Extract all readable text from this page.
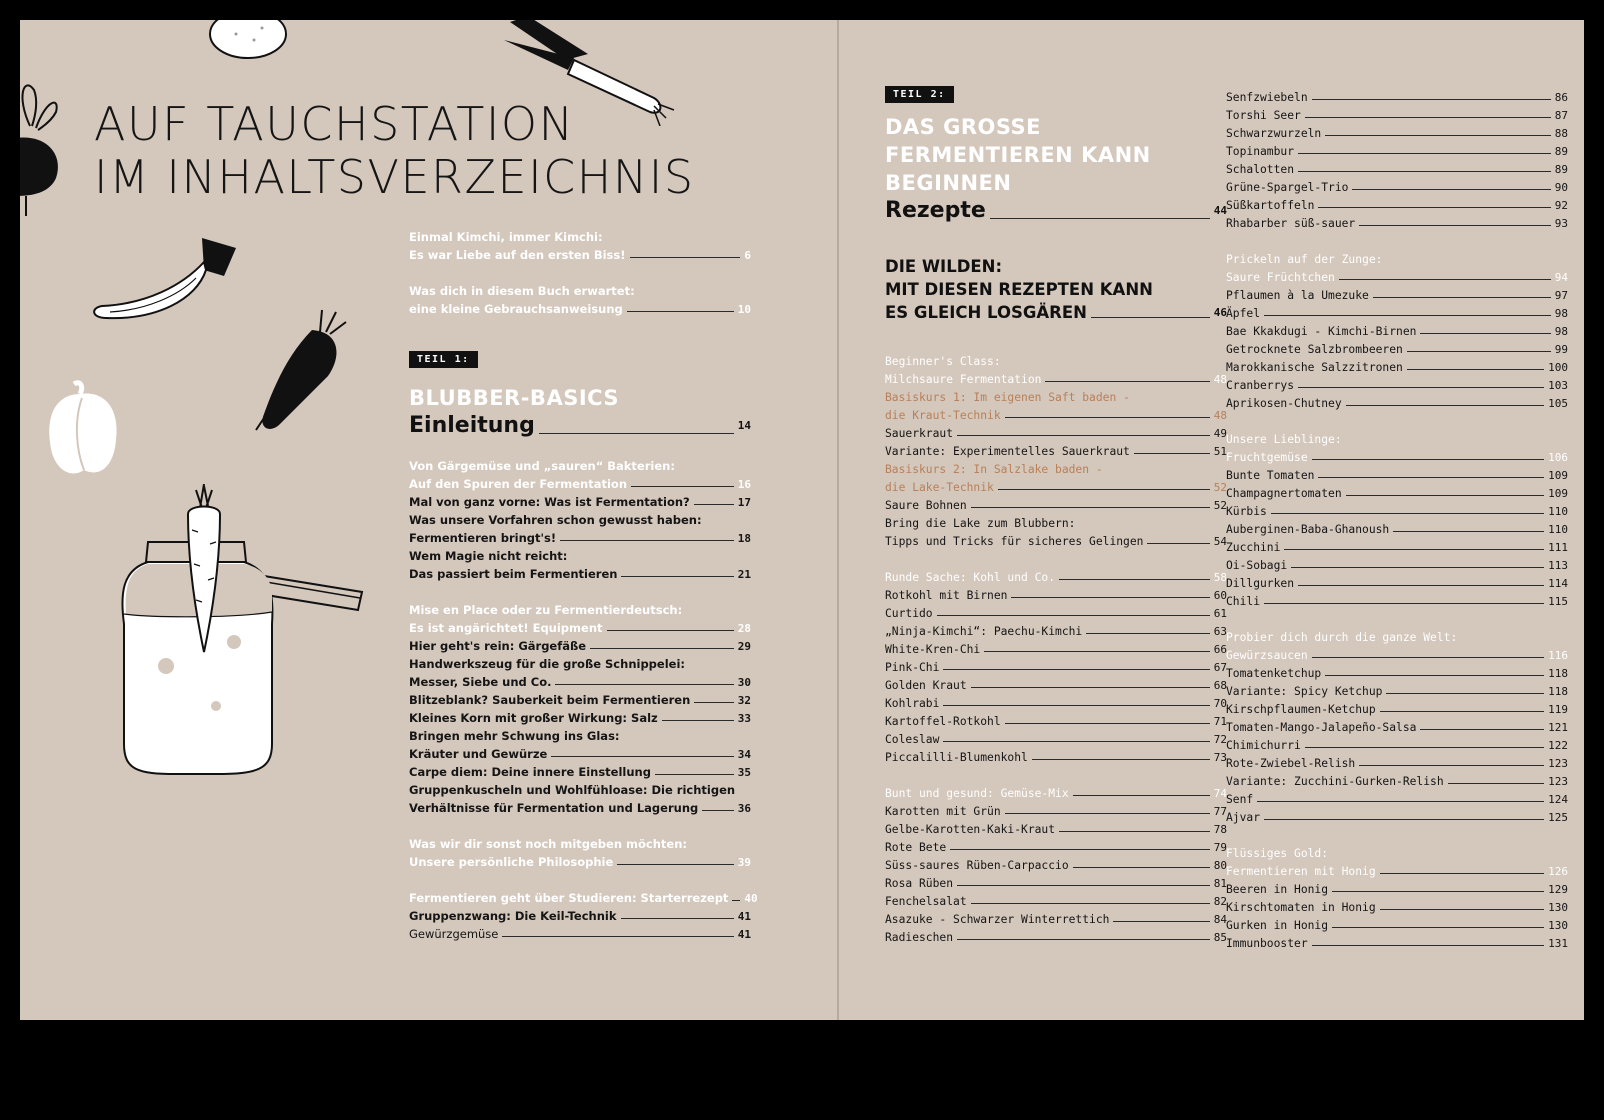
AUF TAUCHSTATION
IM INHALTSVERZEICHNIS
Einmal Kimchi, immer Kimchi:
Es war Liebe auf den ersten Biss!	6
Was dich in diesem Buch erwartet:
eine kleine Gebrauchsanweisung	10
TEIL 1:
BLUBBER-BASICS
Einleitung	14
Von Gärgemüse und „sauren“ Bakterien:
Auf den Spuren der Fermentation	16
Mal von ganz vorne: Was ist Fermentation?	17
Was unsere Vorfahren schon gewusst haben:
Fermentieren bringt's!	18
Wem Magie nicht reicht:
Das passiert beim Fermentieren	21
Mise en Place oder zu Fermentierdeutsch:
Es ist angärichtet! Equipment	28
Hier geht's rein: Gärgefäße	29
Handwerkszeug für die große Schnippelei:
Messer, Siebe und Co.	30
Blitzeblank? Sauberkeit beim Fermentieren	32
Kleines Korn mit großer Wirkung: Salz	33
Bringen mehr Schwung ins Glas:
Kräuter und Gewürze	34
Carpe diem: Deine innere Einstellung	35
Gruppenkuscheln und Wohlfühloase: Die richtigen
Verhältnisse für Fermentation und Lagerung	36
Was wir dir sonst noch mitgeben möchten:
Unsere persönliche Philosophie	39
Fermentieren geht über Studieren: Starterrezept 40
Gruppenzwang: Die Keil-Technik	41
Gewürzgemüse	41
TEIL 2:
DAS GROSSE
FERMENTIEREN KANN
BEGINNEN
Rezepte	44
DIE WILDEN:
MIT DIESEN REZEPTEN KANN
ES GLEICH LOSGÄREN	46
Beginner's Class:
Milchsaure Fermentation	48
Basiskurs 1: Im eigenen Saft baden -
die Kraut-Technik	48
Sauerkraut	49
Variante: Experimentelles Sauerkraut	51
Basiskurs 2: In Salzlake baden -
die Lake-Technik	52
Saure Bohnen	52
Bring die Lake zum Blubbern:
Tipps und Tricks für sicheres Gelingen	54
Runde Sache: Kohl und Co.	58
Rotkohl mit Birnen	60
Curtido	61
„Ninja-Kimchi“: Paechu-Kimchi	63
White-Kren-Chi	66
Pink-Chi	67
Golden Kraut	68
Kohlrabi	70
Kartoffel-Rotkohl	71
Coleslaw	72
Piccalilli-Blumenkohl	73
Bunt und gesund: Gemüse-Mix	74
Karotten mit Grün	77
Gelbe-Karotten-Kaki-Kraut	78
Rote Bete	79
Süss-saures Rüben-Carpaccio	80
Rosa Rüben	81
Fenchelsalat	82
Asazuke - Schwarzer Winterrettich	84
Radieschen	85
Senfzwiebeln	86
Torshi Seer	87
Schwarzwurzeln	88
Topinambur	89
Schalotten	89
Grüne-Spargel-Trio	90
Süßkartoffeln	92
Rhabarber süß-sauer	93
Prickeln auf der Zunge:
Saure Früchtchen	94
Pflaumen à la Umezuke	97
Äpfel	98
Bae Kkakdugi - Kimchi-Birnen	98
Getrocknete Salzbrombeeren	99
Marokkanische Salzzitronen	100
Cranberrys	103
Aprikosen-Chutney	105
Unsere Lieblinge:
Fruchtgemüse	106
Bunte Tomaten	109
Champagnertomaten	109
Kürbis	110
Auberginen-Baba-Ghanoush	110
Zucchini	111
Oi-Sobagi	113
Dillgurken	114
Chili	115
Probier dich durch die ganze Welt:
Gewürzsaucen	116
Tomatenketchup	118
Variante: Spicy Ketchup	118
Kirschpflaumen-Ketchup	119
Tomaten-Mango-Jalapeño-Salsa	121
Chimichurri	122
Rote-Zwiebel-Relish	123
Variante: Zucchini-Gurken-Relish	123
Senf	124
Ajvar	125
Flüssiges Gold:
Fermentieren mit Honig	126
Beeren in Honig	129
Kirschtomaten in Honig	130
Gurken in Honig	130
Immunbooster	131
